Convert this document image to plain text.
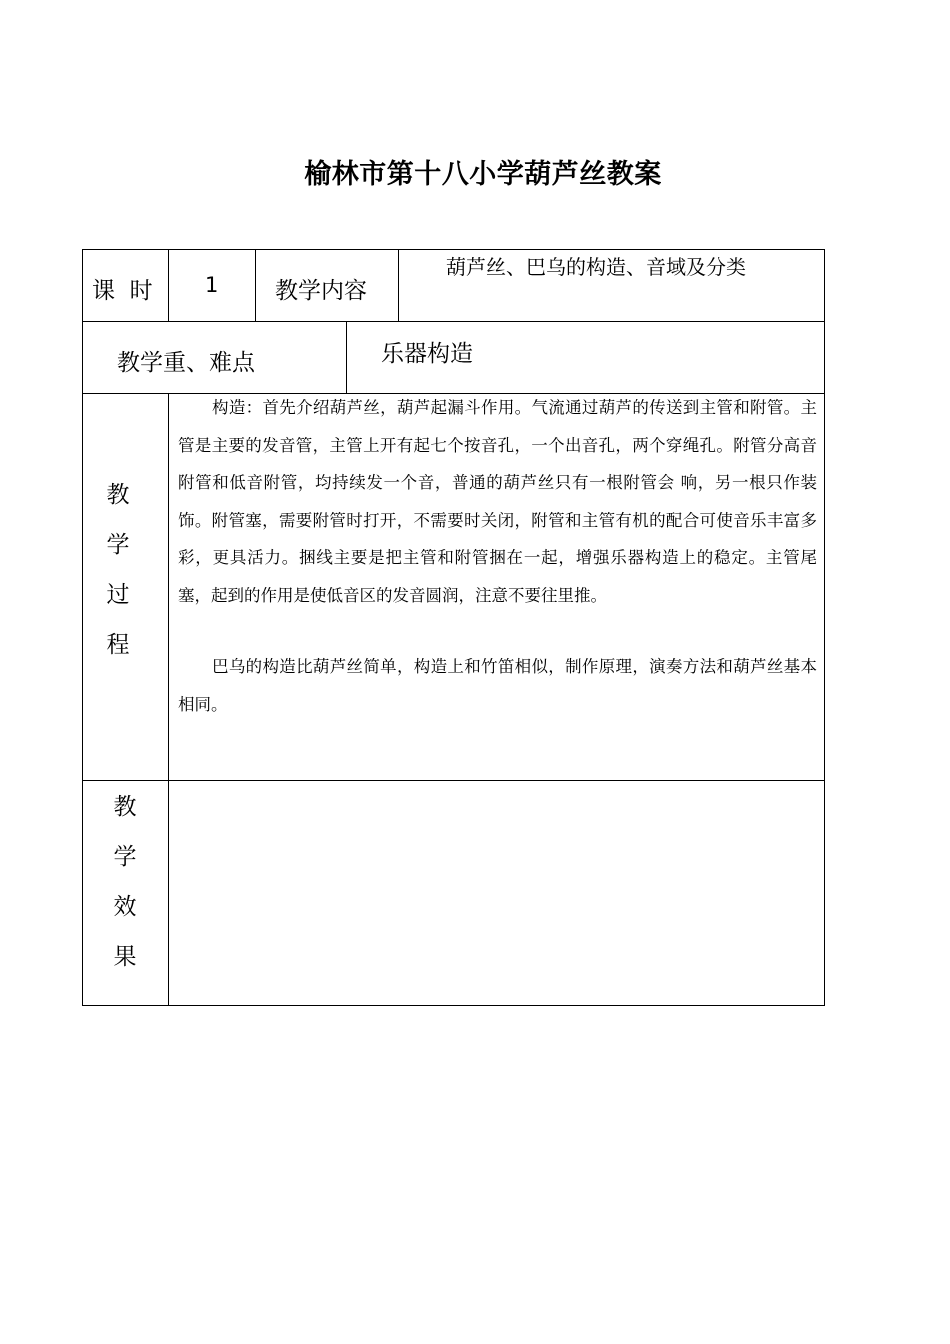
榆林市第十八小学葫芦丝教案
课  时 1 教学内容
葫芦丝、巴乌的构造、音域及分类
教学重、难点	乐器构造
教
学
过
程

构造：首先介绍葫芦丝，葫芦起漏斗作用。气流通过葫芦的传送到主管和附管。主管是主要的发音管，主管上开有起七个按音孔，一个出音孔，两个穿绳孔。附管分高音附管和低音附管，均持续发一个音，普通的葫芦丝只有一根附管会 响，另一根只作装饰。附管塞，需要附管时打开，不需要时关闭，附管和主管有机的配合可使音乐丰富多彩，更具活力。捆线主要是把主管和附管捆在一起，增强乐器构造上的稳定。主管尾塞，起到的作用是使低音区的发音圆润，注意不要往里推。

巴乌的构造比葫芦丝简单，构造上和竹笛相似，制作原理，演奏方法和葫芦丝基本相同。

教
学
效
果
